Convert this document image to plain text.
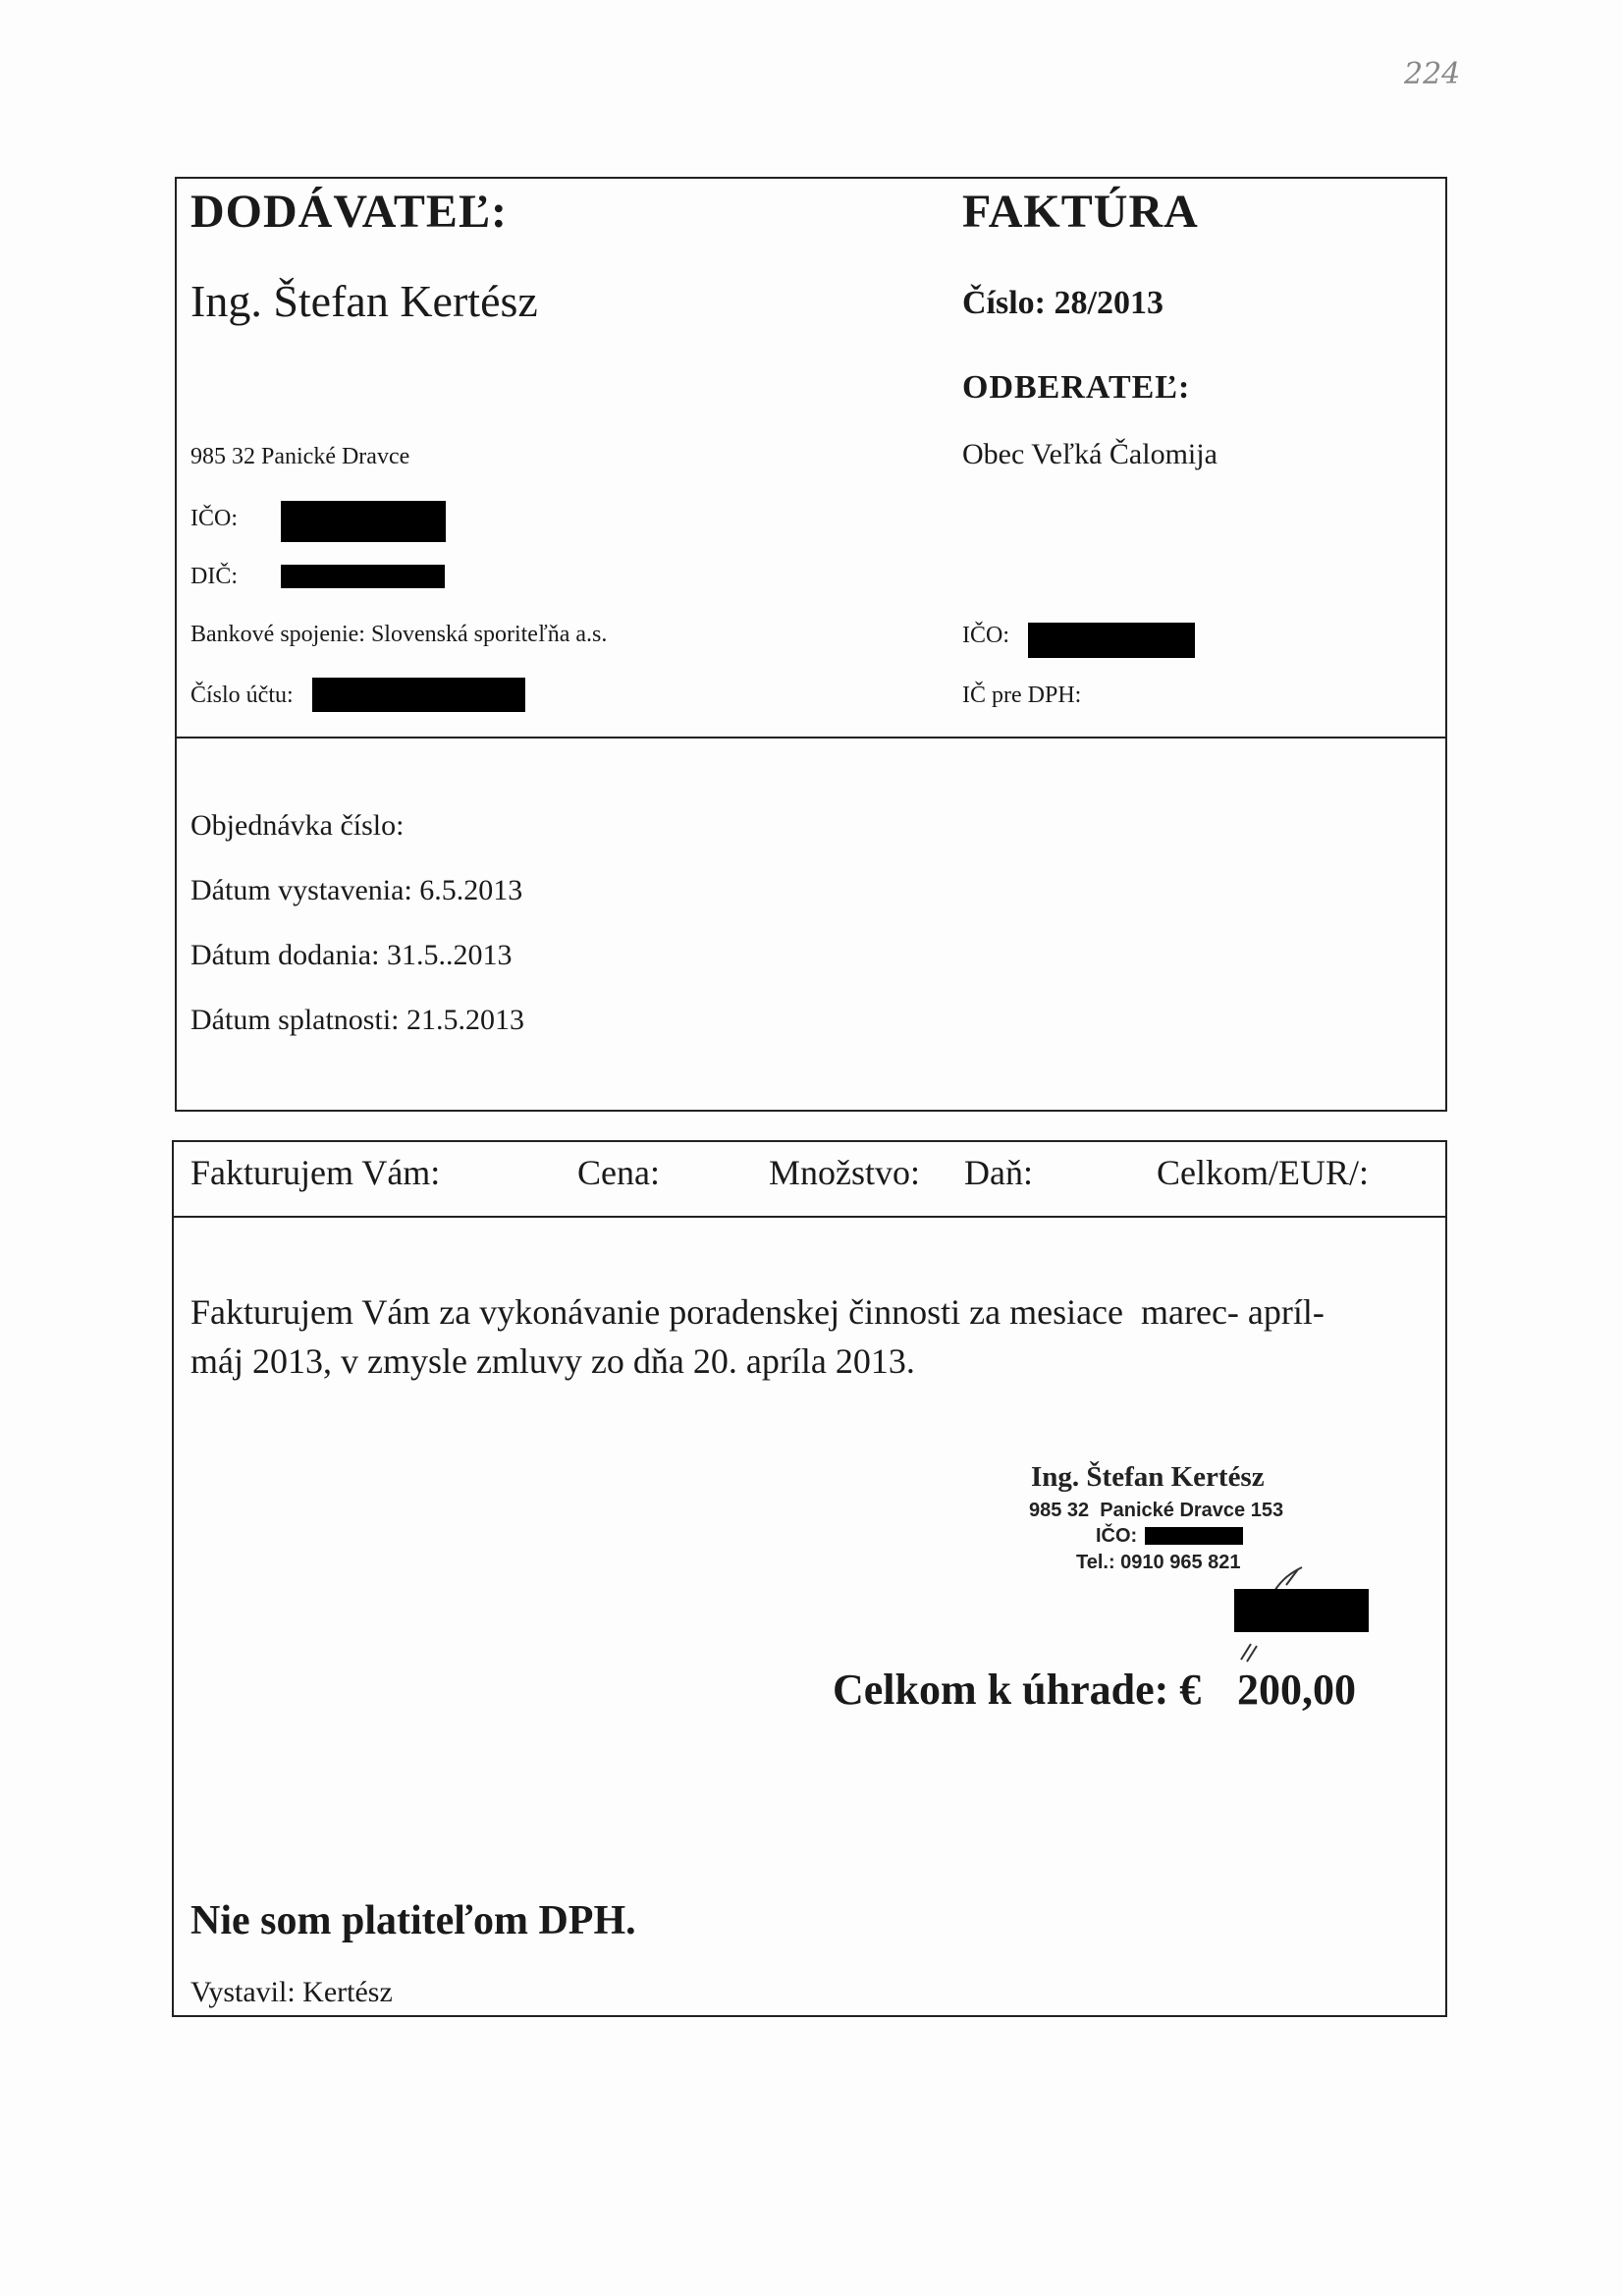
224
DODÁVATEĽ:
Ing. Štefan Kertész
985 32 Panické Dravce
IČO:
DIČ:
Bankové spojenie: Slovenská sporiteľňa a.s.
Číslo účtu:
FAKTÚRA
Číslo: 28/2013
ODBERATEĽ:
Obec Veľká Čalomija
IČO:
IČ pre DPH:
Objednávka číslo:
Dátum vystavenia: 6.5.2013
Dátum dodania: 31.5..2013
Dátum splatnosti: 21.5.2013
Fakturujem Vám:	Cena:	Množstvo: Daň:	Celkom/EUR/:
Fakturujem Vám za vykonávanie poradenskej činnosti za mesiace  marec- apríl-
máj 2013, v zmysle zmluvy zo dňa 20. apríla 2013.
Ing. Štefan Kertész
985 32  Panické Dravce 153
IČO:
Tel.: 0910 965 821
Celkom k úhrade: € 200,00
Nie som platiteľom DPH.
Vystavil: Kertész
